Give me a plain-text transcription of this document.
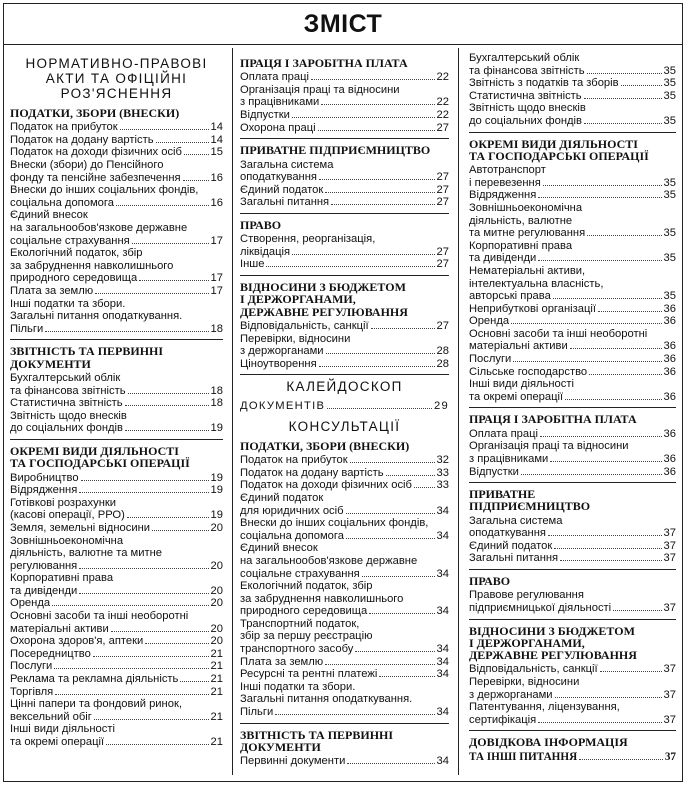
ЗМІСТ
НОРМАТИВНО-ПРАВОВІ
АКТИ ТА ОФІЦІЙНІ
РОЗ'ЯСНЕННЯ
ПОДАТКИ, ЗБОРИ (ВНЕСКИ)
Податок на прибуток	14
Податок на додану вартість	14
Податок на доходи фізичних осіб	15
Внески (збори) до Пенсійного
фонду та пенсійне забезпечення	16
Внески до інших соціальних фондів,
соціальна допомога	16
Єдиний внесок
на загальнообов'язкове державне
соціальне страхування	17
Екологічний податок, збір
за забруднення навколишнього
природного середовища	17
Плата за землю	17
Інші податки та збори.
Загальні питання оподаткування.
Пільги	18
ЗВІТНІСТЬ ТА ПЕРВИННІ
ДОКУМЕНТИ
Бухгалтерський облік
та фінансова звітність	18
Статистична звітність	18
Звітність щодо внесків
до соціальних фондів	19
ОКРЕМІ ВИДИ ДІЯЛЬНОСТІ
ТА ГОСПОДАРСЬКІ ОПЕРАЦІЇ
Виробництво	19
Відрядження	19
Готівкові розрахунки
(касові операції, РРО)	19
Земля, земельні відносини	20
Зовнішньоекономічна
діяльність, валютне та митне
регулювання	20
Корпоративні права
та дивіденди	20
Оренда	20
Основні засоби та інші необоротні
матеріальні активи	20
Охорона здоров'я, аптеки	20
Посередництво	21
Послуги	21
Реклама та рекламна діяльність	21
Торгівля	21
Цінні папери та фондовий ринок,
вексельний обіг	21
Інші види діяльності
та окремі операції	21
ПРАЦЯ І ЗАРОБІТНА ПЛАТА
Оплата праці	22
Організація праці та відносини
з працівниками	22
Відпустки	22
Охорона праці	27
ПРИВАТНЕ ПІДПРИЄМНИЦТВО
Загальна система
оподаткування	27
Єдиний податок	27
Загальні питання	27
ПРАВО
Створення, реорганізація,
ліквідація	27
Інше	27
ВІДНОСИНИ З БЮДЖЕТОМ
І ДЕРЖОРГАНАМИ,
ДЕРЖАВНЕ РЕГУЛЮВАННЯ
Відповідальність, санкції	27
Перевірки, відносини
з держорганами	28
Ціноутворення	28
КАЛЕЙДОСКОП
ДОКУМЕНТІВ	29
КОНСУЛЬТАЦІЇ
ПОДАТКИ, ЗБОРИ (ВНЕСКИ)
Податок на прибуток	32
Податок на додану вартість	33
Податок на доходи фізичних осіб 33
Єдиний податок
для юридичних осіб	34
Внески до інших соціальних фондів,
соціальна допомога	34
Єдиний внесок
на загальнообов'язкове державне
соціальне страхування	34
Екологічний податок, збір
за забруднення навколишнього
природного середовища	34
Транспортний податок,
збір за першу реєстрацію
транспортного засобу	34
Плата за землю	34
Ресурсні та рентні платежі	34
Інші податки та збори.
Загальні питання оподаткування.
Пільги	34
ЗВІТНІСТЬ ТА ПЕРВИННІ
ДОКУМЕНТИ
Первинні документи	34
Бухгалтерський облік
та фінансова звітність	35
Звітність з податків та зборів	35
Статистична звітність	35
Звітність щодо внесків
до соціальних фондів	35
ОКРЕМІ ВИДИ ДІЯЛЬНОСТІ
ТА ГОСПОДАРСЬКІ ОПЕРАЦІЇ
Автотранспорт
і перевезення	35
Відрядження	35
Зовнішньоекономічна
діяльність, валютне
та митне регулювання	35
Корпоративні права
та дивіденди	35
Нематеріальні активи,
інтелектуальна власність,
авторські права	35
Неприбуткові організації	36
Оренда	36
Основні засоби та інші необоротні
матеріальні активи	36
Послуги	36
Сільське господарство	36
Інші види діяльності
та окремі операції	36
ПРАЦЯ І ЗАРОБІТНА ПЛАТА
Оплата праці	36
Організація праці та відносини
з працівниками	36
Відпустки	36
ПРИВАТНЕ
ПІДПРИЄМНИЦТВО
Загальна система
оподаткування	37
Єдиний податок	37
Загальні питання	37
ПРАВО
Правове регулювання
підприємницької діяльності	37
ВІДНОСИНИ З БЮДЖЕТОМ
І ДЕРЖОРГАНАМИ,
ДЕРЖАВНЕ РЕГУЛЮВАННЯ
Відповідальність, санкції	37
Перевірки, відносини
з держорганами	37
Патентування, ліцензування,
сертифікація	37
ДОВІДКОВА ІНФОРМАЦІЯ
ТА ІНШІ ПИТАННЯ	37
